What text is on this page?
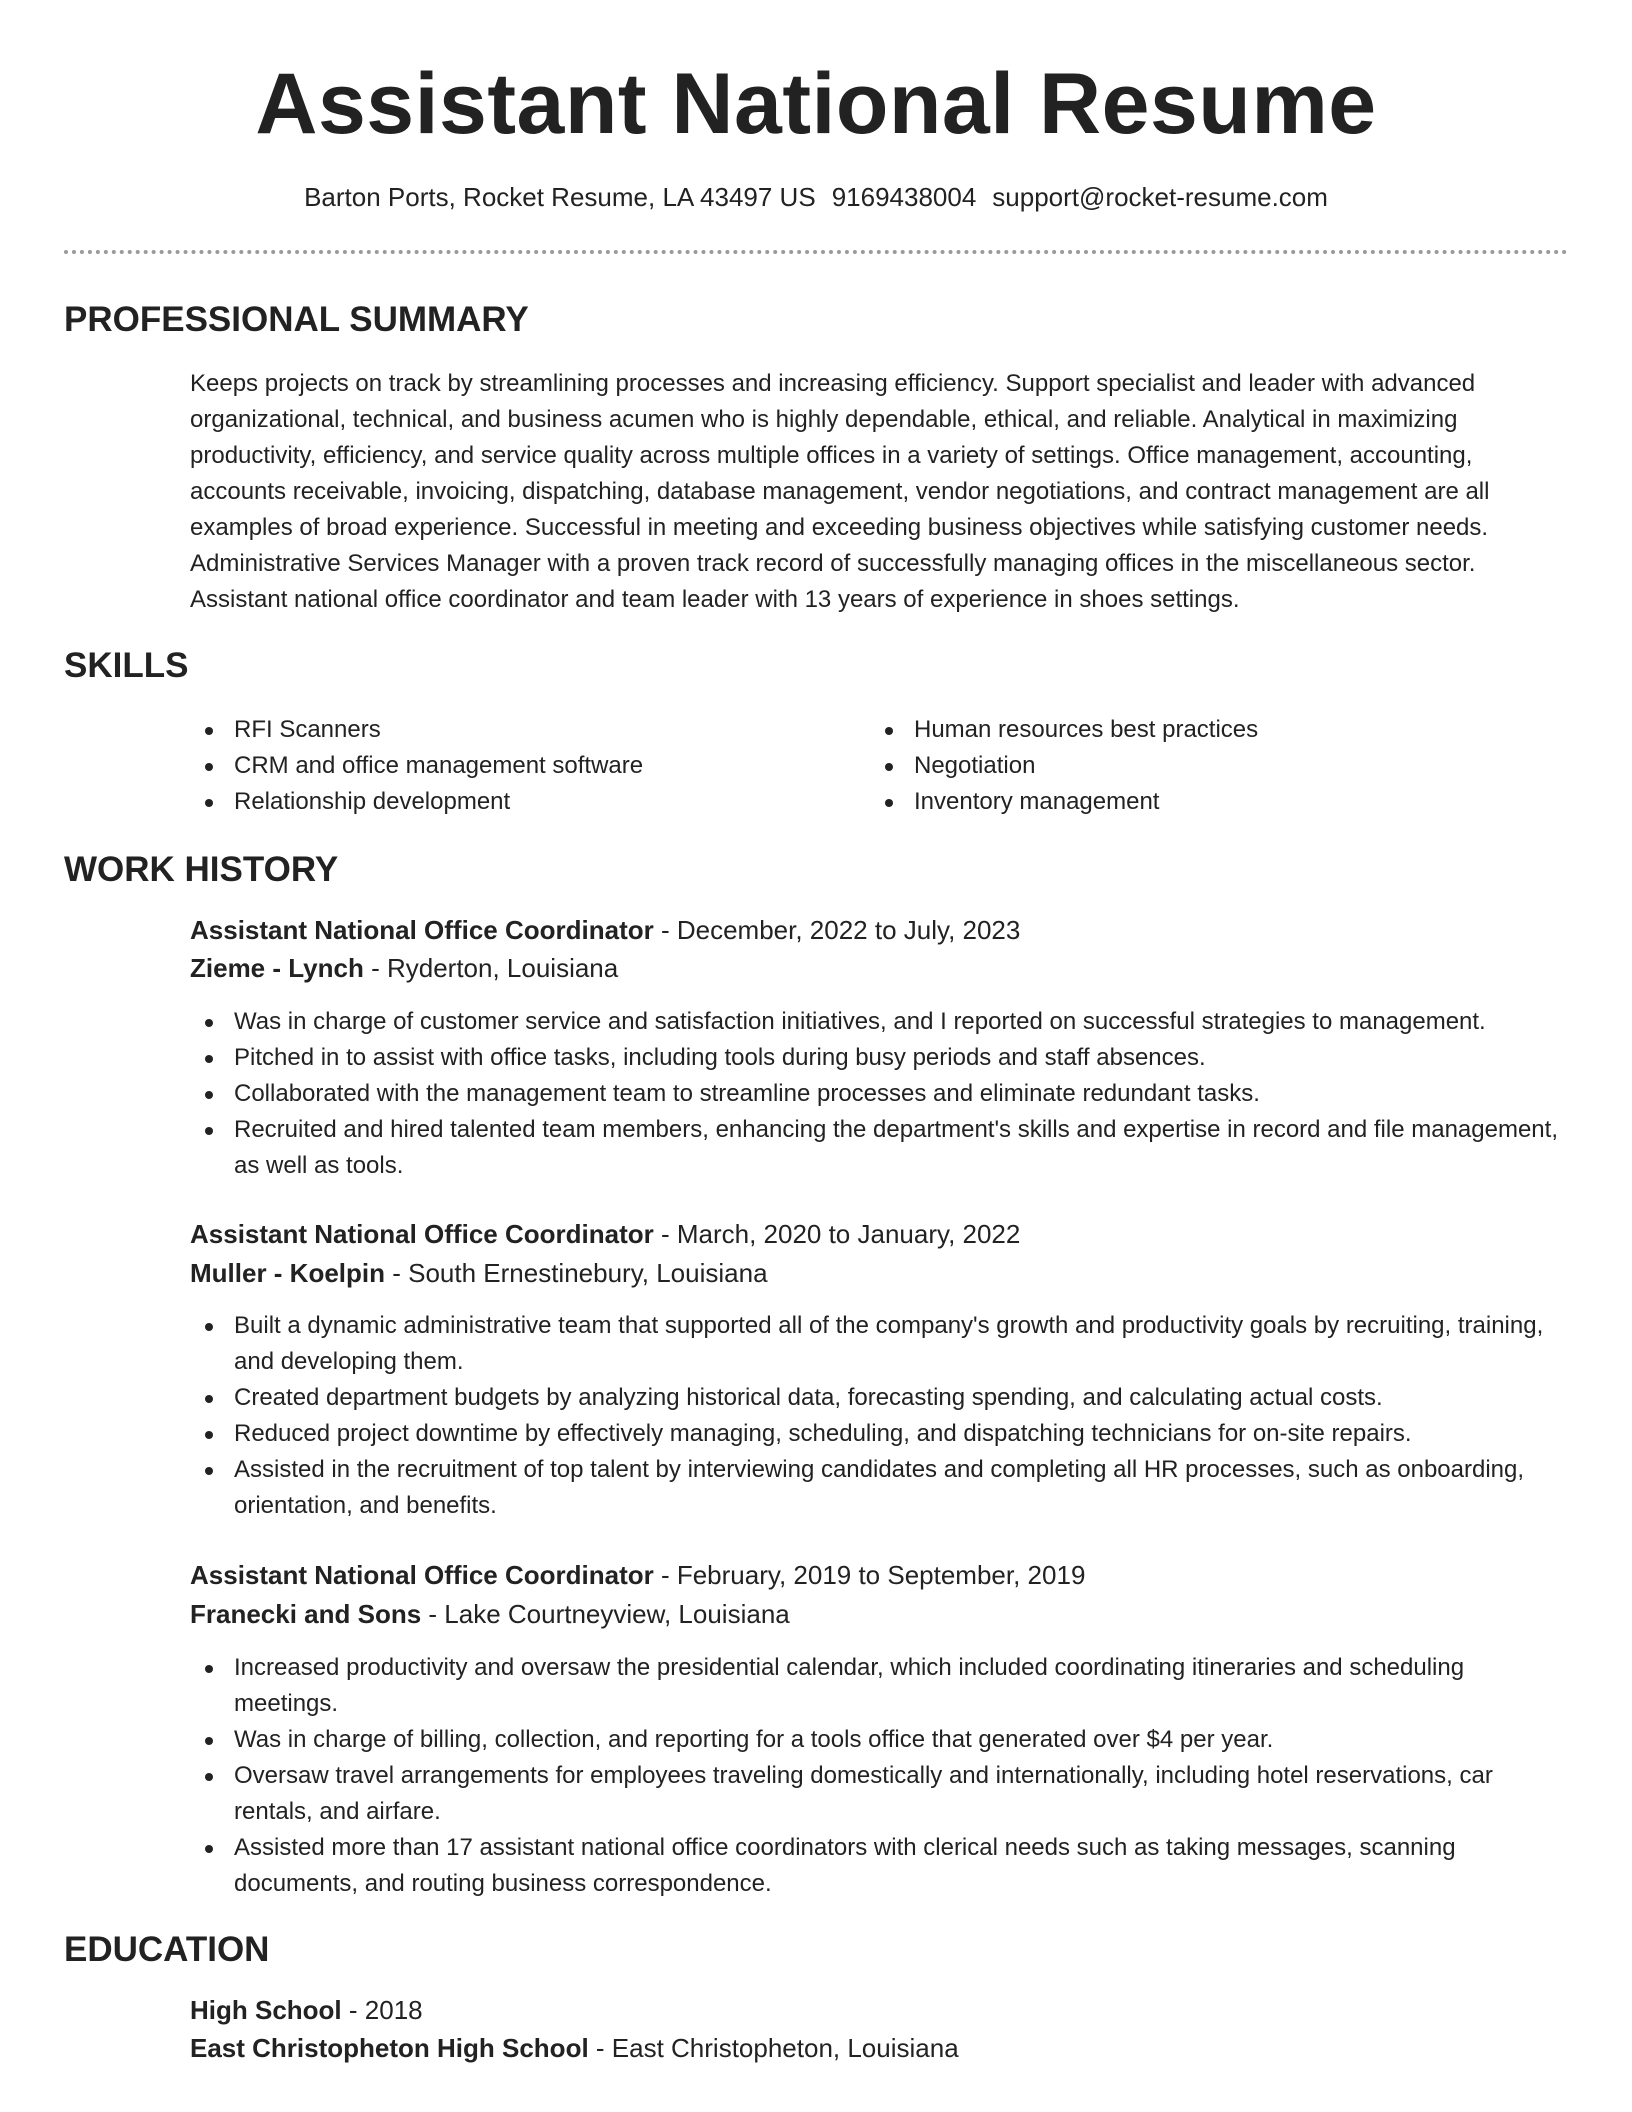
Assistant National Resume
Barton Ports, Rocket Resume, LA 43497 US 9169438004 support@rocket-resume.com
PROFESSIONAL SUMMARY
Keeps projects on track by streamlining processes and increasing efficiency. Support specialist and leader with advanced organizational, technical, and business acumen who is highly dependable, ethical, and reliable. Analytical in maximizing productivity, efficiency, and service quality across multiple offices in a variety of settings. Office management, accounting, accounts receivable, invoicing, dispatching, database management, vendor negotiations, and contract management are all examples of broad experience. Successful in meeting and exceeding business objectives while satisfying customer needs. Administrative Services Manager with a proven track record of successfully managing offices in the miscellaneous sector. Assistant national office coordinator and team leader with 13 years of experience in shoes settings.
SKILLS
RFI Scanners
CRM and office management software
Relationship development
Human resources best practices
Negotiation
Inventory management
WORK HISTORY
Assistant National Office Coordinator - December, 2022 to July, 2023
Zieme - Lynch - Ryderton, Louisiana
Was in charge of customer service and satisfaction initiatives, and I reported on successful strategies to management.
Pitched in to assist with office tasks, including tools during busy periods and staff absences.
Collaborated with the management team to streamline processes and eliminate redundant tasks.
Recruited and hired talented team members, enhancing the department's skills and expertise in record and file management, as well as tools.
Assistant National Office Coordinator - March, 2020 to January, 2022
Muller - Koelpin - South Ernestinebury, Louisiana
Built a dynamic administrative team that supported all of the company's growth and productivity goals by recruiting, training, and developing them.
Created department budgets by analyzing historical data, forecasting spending, and calculating actual costs.
Reduced project downtime by effectively managing, scheduling, and dispatching technicians for on-site repairs.
Assisted in the recruitment of top talent by interviewing candidates and completing all HR processes, such as onboarding, orientation, and benefits.
Assistant National Office Coordinator - February, 2019 to September, 2019
Franecki and Sons - Lake Courtneyview, Louisiana
Increased productivity and oversaw the presidential calendar, which included coordinating itineraries and scheduling meetings.
Was in charge of billing, collection, and reporting for a tools office that generated over $4 per year.
Oversaw travel arrangements for employees traveling domestically and internationally, including hotel reservations, car rentals, and airfare.
Assisted more than 17 assistant national office coordinators with clerical needs such as taking messages, scanning documents, and routing business correspondence.
EDUCATION
High School - 2018
East Christopheton High School - East Christopheton, Louisiana
